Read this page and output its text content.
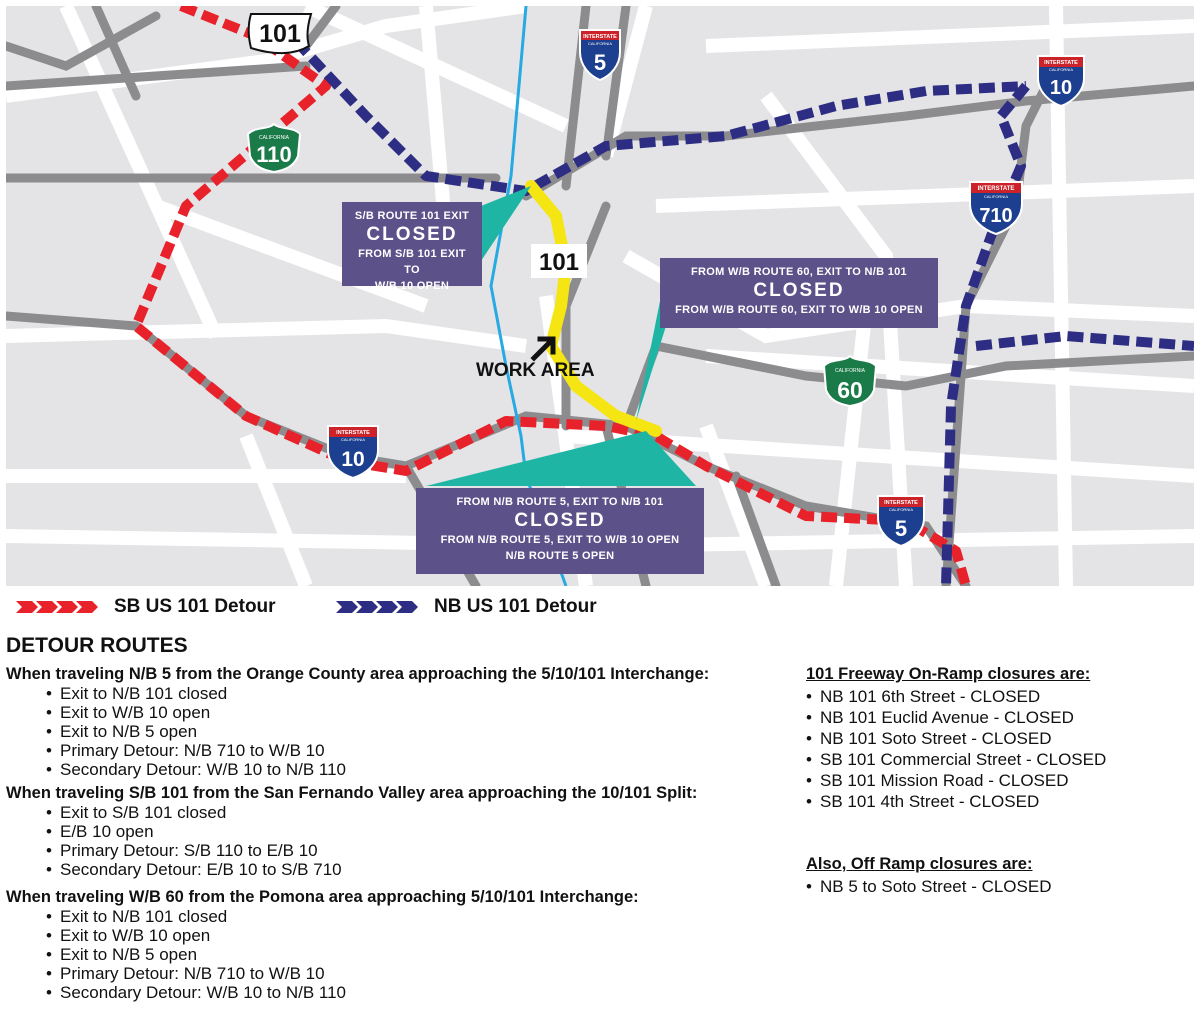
101
101
INTERSTATE
CALIFORNIA
5	INTERSTATE
CALIFORNIA
10
CALIFORNIA
110
INTERSTATE
CALIFORNIA
710
CALIFORNIA
60
INTERSTATE
CALIFORNIA
10
INTERSTATE
CALIFORNIA
5
S/B ROUTE 101 EXIT
CLOSED
FROM S/B 101 EXIT TO
W/B 10 OPEN
FROM W/B ROUTE 60, EXIT TO N/B 101
CLOSED
FROM W/B ROUTE 60, EXIT TO W/B 10 OPEN
FROM N/B ROUTE 5, EXIT TO N/B 101
CLOSED
FROM N/B ROUTE 5, EXIT TO W/B 10 OPEN
N/B ROUTE 5 OPEN
WORK AREA
SB US 101 Detour	NB US 101 Detour
DETOUR ROUTES
When traveling N/B 5 from the Orange County area approaching the 5/10/101 Interchange:
• Exit to N/B 101 closed
• Exit to W/B 10 open
• Exit to N/B 5 open
• Primary Detour: N/B 710 to W/B 10
• Secondary Detour: W/B 10 to N/B 110
When traveling S/B 101 from the San Fernando Valley area approaching the 10/101 Split:
• Exit to S/B 101 closed
• E/B 10 open
• Primary Detour: S/B 110 to E/B 10
• Secondary Detour: E/B 10 to S/B 710
When traveling W/B 60 from the Pomona area approaching 5/10/101 Interchange:
• Exit to N/B 101 closed
• Exit to W/B 10 open
• Exit to N/B 5 open
• Primary Detour: N/B 710 to W/B 10
• Secondary Detour: W/B 10 to N/B 110
101 Freeway On-Ramp closures are:
• NB 101 6th Street - CLOSED
• NB 101 Euclid Avenue - CLOSED
• NB 101 Soto Street - CLOSED
• SB 101 Commercial Street - CLOSED
• SB 101 Mission Road - CLOSED
• SB 101 4th Street - CLOSED
Also, Off Ramp closures are:
• NB 5 to Soto Street - CLOSED
